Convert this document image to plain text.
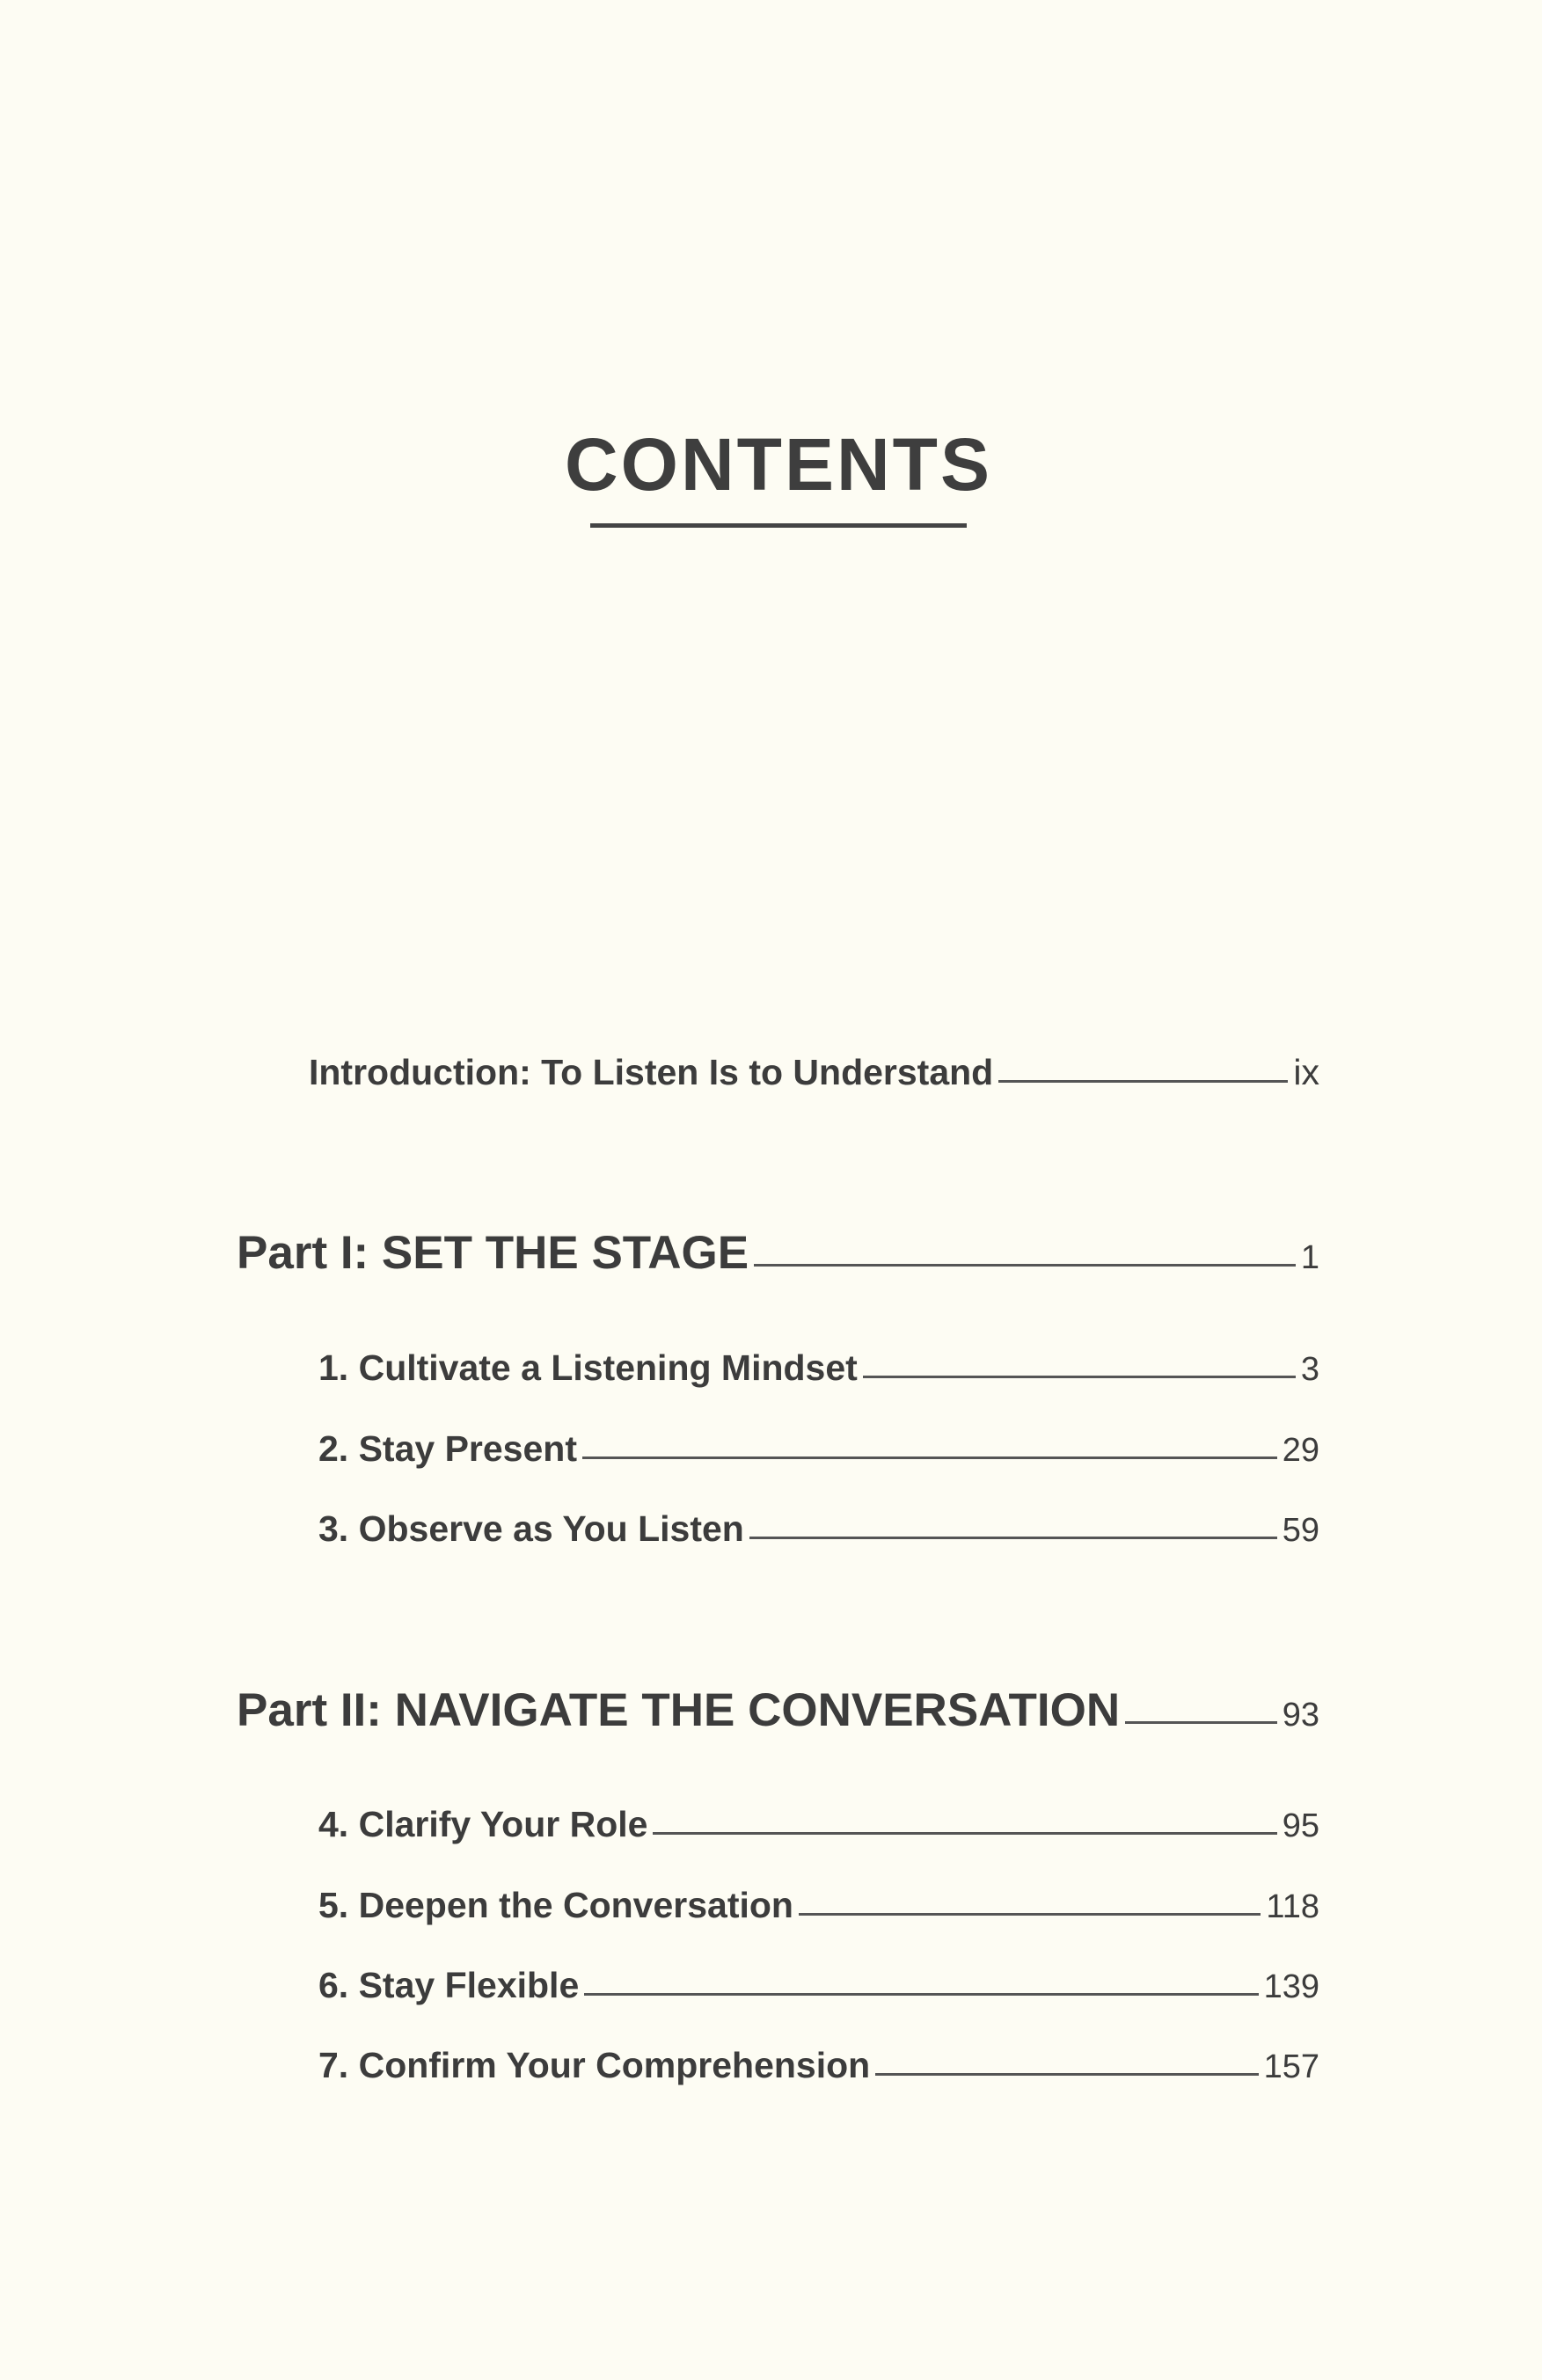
CONTENTS
Introduction: To Listen Is to Understand	ix
Part I: SET THE STAGE	1
1. Cultivate a Listening Mindset	3
2. Stay Present	29
3. Observe as You Listen	59
Part II: NAVIGATE THE CONVERSATION	93
4. Clarify Your Role	95
5. Deepen the Conversation	118
6. Stay Flexible	139
7. Confirm Your Comprehension	157
